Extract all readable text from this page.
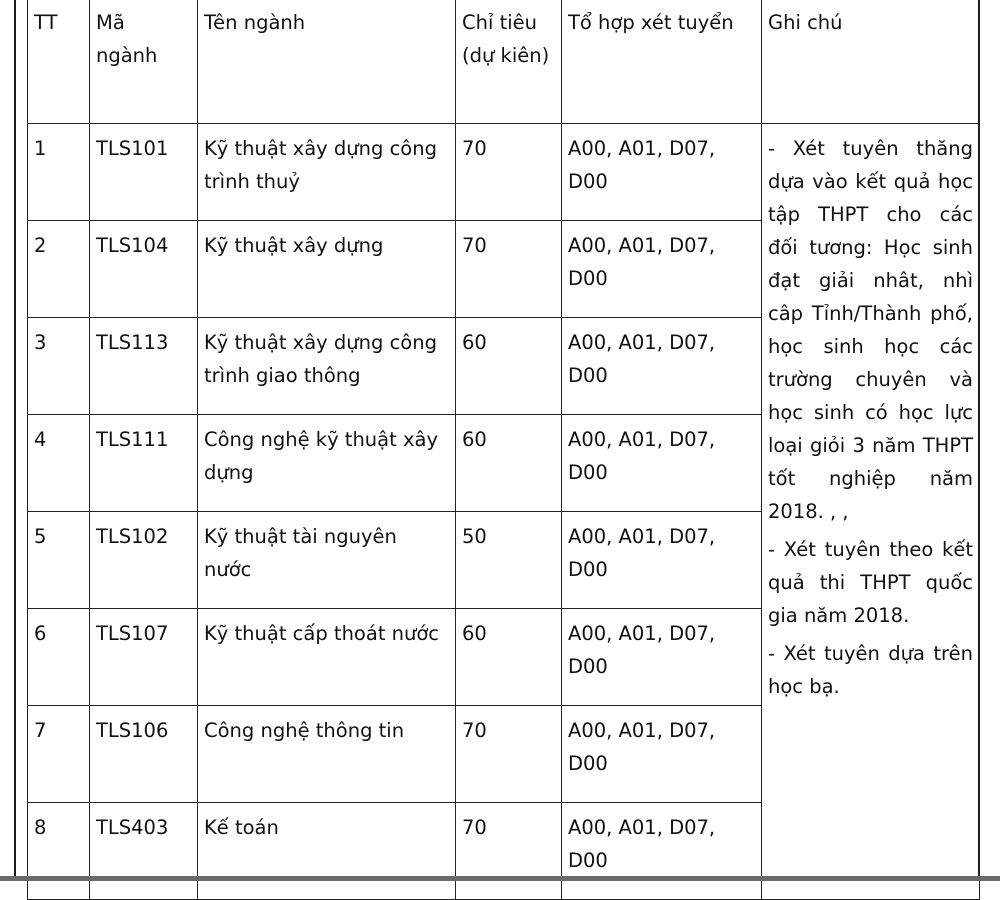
TT	Mã ngành	Tên ngành	Chỉ tiêu (dự kiên)	Tổ hợp xét tuyển	Ghi chú
1	TLS101	Kỹ thuật xây dựng công trình thuỷ	70	A00, A01, D07, D00	- Xét tuyên thăng dựa vào kết quả học tập THPT cho các đối tương: Học sinh đạt giải nhât, nhì câp Tỉnh/Thành phố, học sinh học các trường chuyên và học sinh có học lực loại giỏi 3 năm THPT tốt nghiệp năm 2018. , ,
- Xét tuyên theo kết quả thi THPT quốc gia năm 2018.
- Xét tuyên dựa trên học bạ.

2	TLS104	Kỹ thuật xây dựng	70	A00, A01, D07, D00	
3	TLS113	Kỹ thuật xây dựng công trình giao thông	60	A00, A01, D07, D00	
4	TLS111	Công nghệ kỹ thuật xây dựng	60	A00, A01, D07, D00	
5	TLS102	Kỹ thuật tài nguyên nước	50	A00, A01, D07, D00	
6	TLS107	Kỹ thuật cấp thoát nước	60	A00, A01, D07, D00	
7	TLS106	Công nghệ thông tin	70	A00, A01, D07, D00	
8	TLS403	Kế toán	70	A00, A01, D07, D00	
